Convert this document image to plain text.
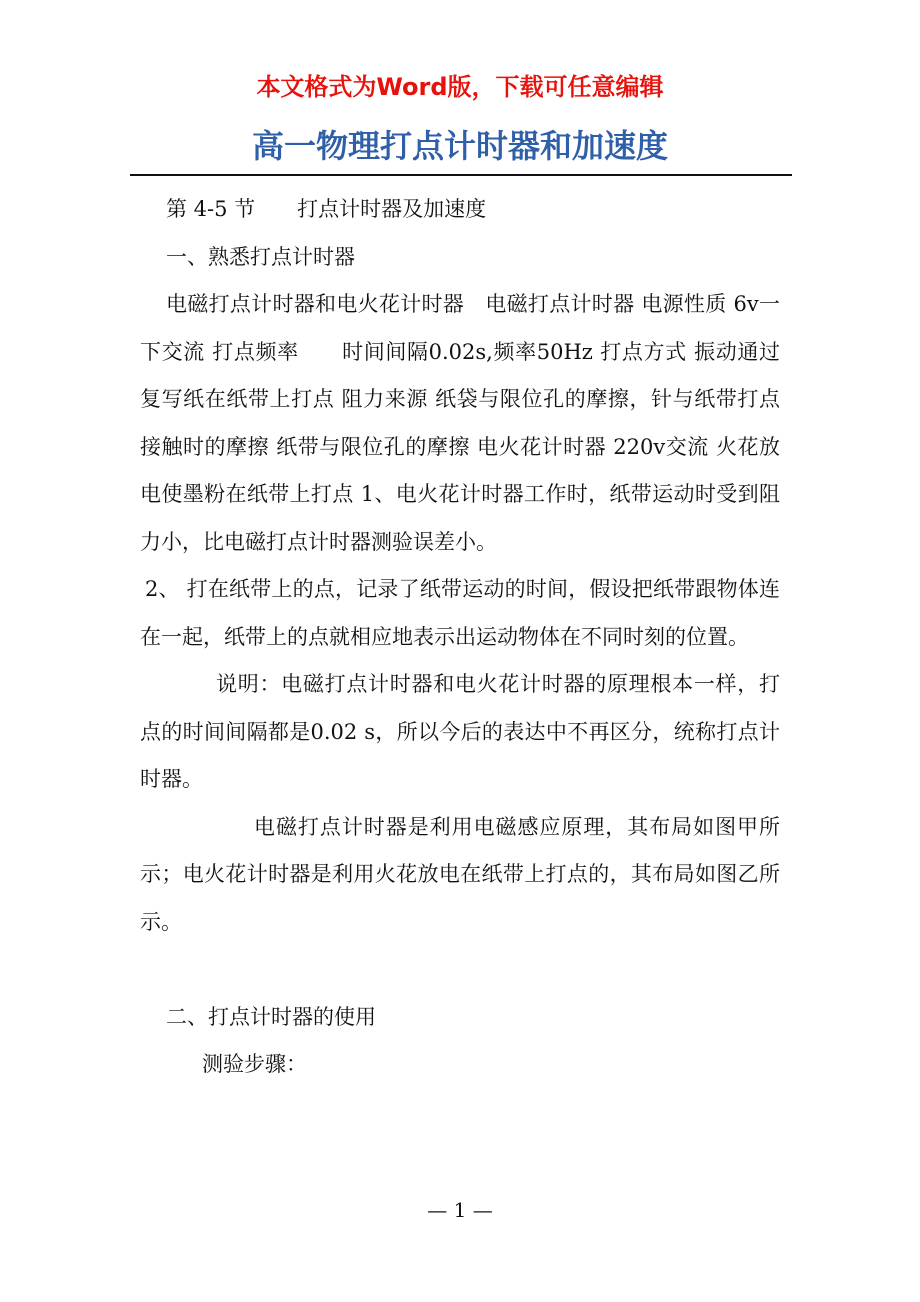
本文格式为Word版，下载可任意编辑
高一物理打点计时器和加速度

第 4-5 节 打点计时器及加速度

一、熟悉打点计时器

电磁打点计时器和电火花计时器　电磁打点计时器 电源性质 6v一下交流 打点频率　　时间间隔0.02s,频率50Hz 打点方式 振动通过复写纸在纸带上打点 阻力来源 纸袋与限位孔的摩擦，针与纸带打点接触时的摩擦 纸带与限位孔的摩擦 电火花计时器 220v交流 火花放电使墨粉在纸带上打点 1、电火花计时器工作时，纸带运动时受到阻力小，比电磁打点计时器测验误差小。

2、 打在纸带上的点，记录了纸带运动的时间，假设把纸带跟物体连在一起，纸带上的点就相应地表示出运动物体在不同时刻的位置。

说明：电磁打点计时器和电火花计时器的原理根本一样，打点的时间间隔都是0.02 s，所以今后的表达中不再区分，统称打点计时器。

电磁打点计时器是利用电磁感应原理，其布局如图甲所示；电火花计时器是利用火花放电在纸带上打点的，其布局如图乙所示。

二、打点计时器的使用

测验步骤：

— 1 —
